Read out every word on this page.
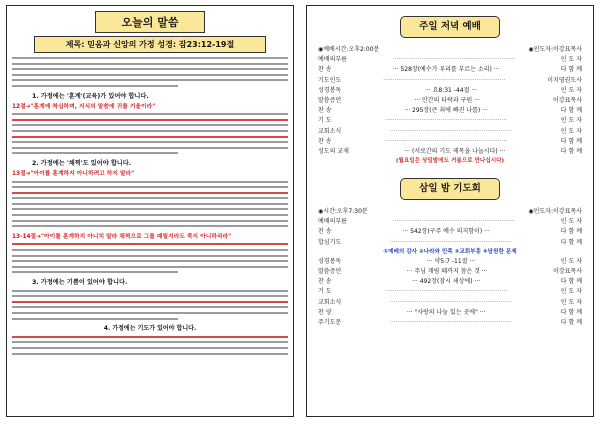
오늘의 말씀
제목: 믿음과 신앙의 가정 성경: 잠23:12-19절
1. 가정에는 '훈계'(교육)가 있어야 합니다.
12절➔"훈계에 착심하며, 지식의 말씀에 귀를 기울이라"
2. 가정에는 '채찍'도 있어야 합니다.
13절➔"아이를 훈계하지 아니하려고 하지 말라"
13-14절➔"아이를 훈계하지 아니치 말라 채찍으로 그를 때릴지라도 죽지 아니하리라"
3. 가정에는 기쁨이 있어야 합니다.
4. 가정에는 기도가 있어야 합니다.
주일 저녁 예배
◉예배시간:오후2:00분	◉인도자:이강표목사
예배의부름	································································	인 도 자
찬 송	··· 528장(예수가 우리를 부르는 소리) ···	다 함 께
기도인도	································································	이지영권도사
성경봉독	··· 요8:31 -44절 ···	인 도 자
말씀증언	··· 안간의 타락과 구원 ···	이강표목사
찬 송	··· 295장(큰 죄에 빠진 나를) ···	다 함 께
기 도	································································	인 도 자
교회소식	································································	인 도 자
찬 송	································································	다 함 께
성도의 교제	··· (서로간의 기도 제목을 나눕시다) ···	다 함 께
(월요일은 상일발에도 거룸으로 만나십시다)
삼일 밤 기도회
◉시간:오후7:30분	◉인도자:이강표목사
예배의부름	································································	인 도 자
찬 송	··· 542장(구주 예수 의지함이) ···	다 함 께
합심기도	································································	다 함 께
①예배의 감사 ②나라와 민족 ③교회부흥 ④담원한 문제
성경봉독	··· 약5:7 -11절 ···	인 도 자
말씀증언	··· 주님 재림 때까지 참은 것 ···	이강표목사
찬 송	··· 492장(잠시 세상에) ···	다 함 께
기 도	································································	인 도 자
교회소식	································································	인 도 자
찬 양	··· "사랑의 나눔 있는 곳에" ···	다 함 께
주기도문	································································	다 함 께
